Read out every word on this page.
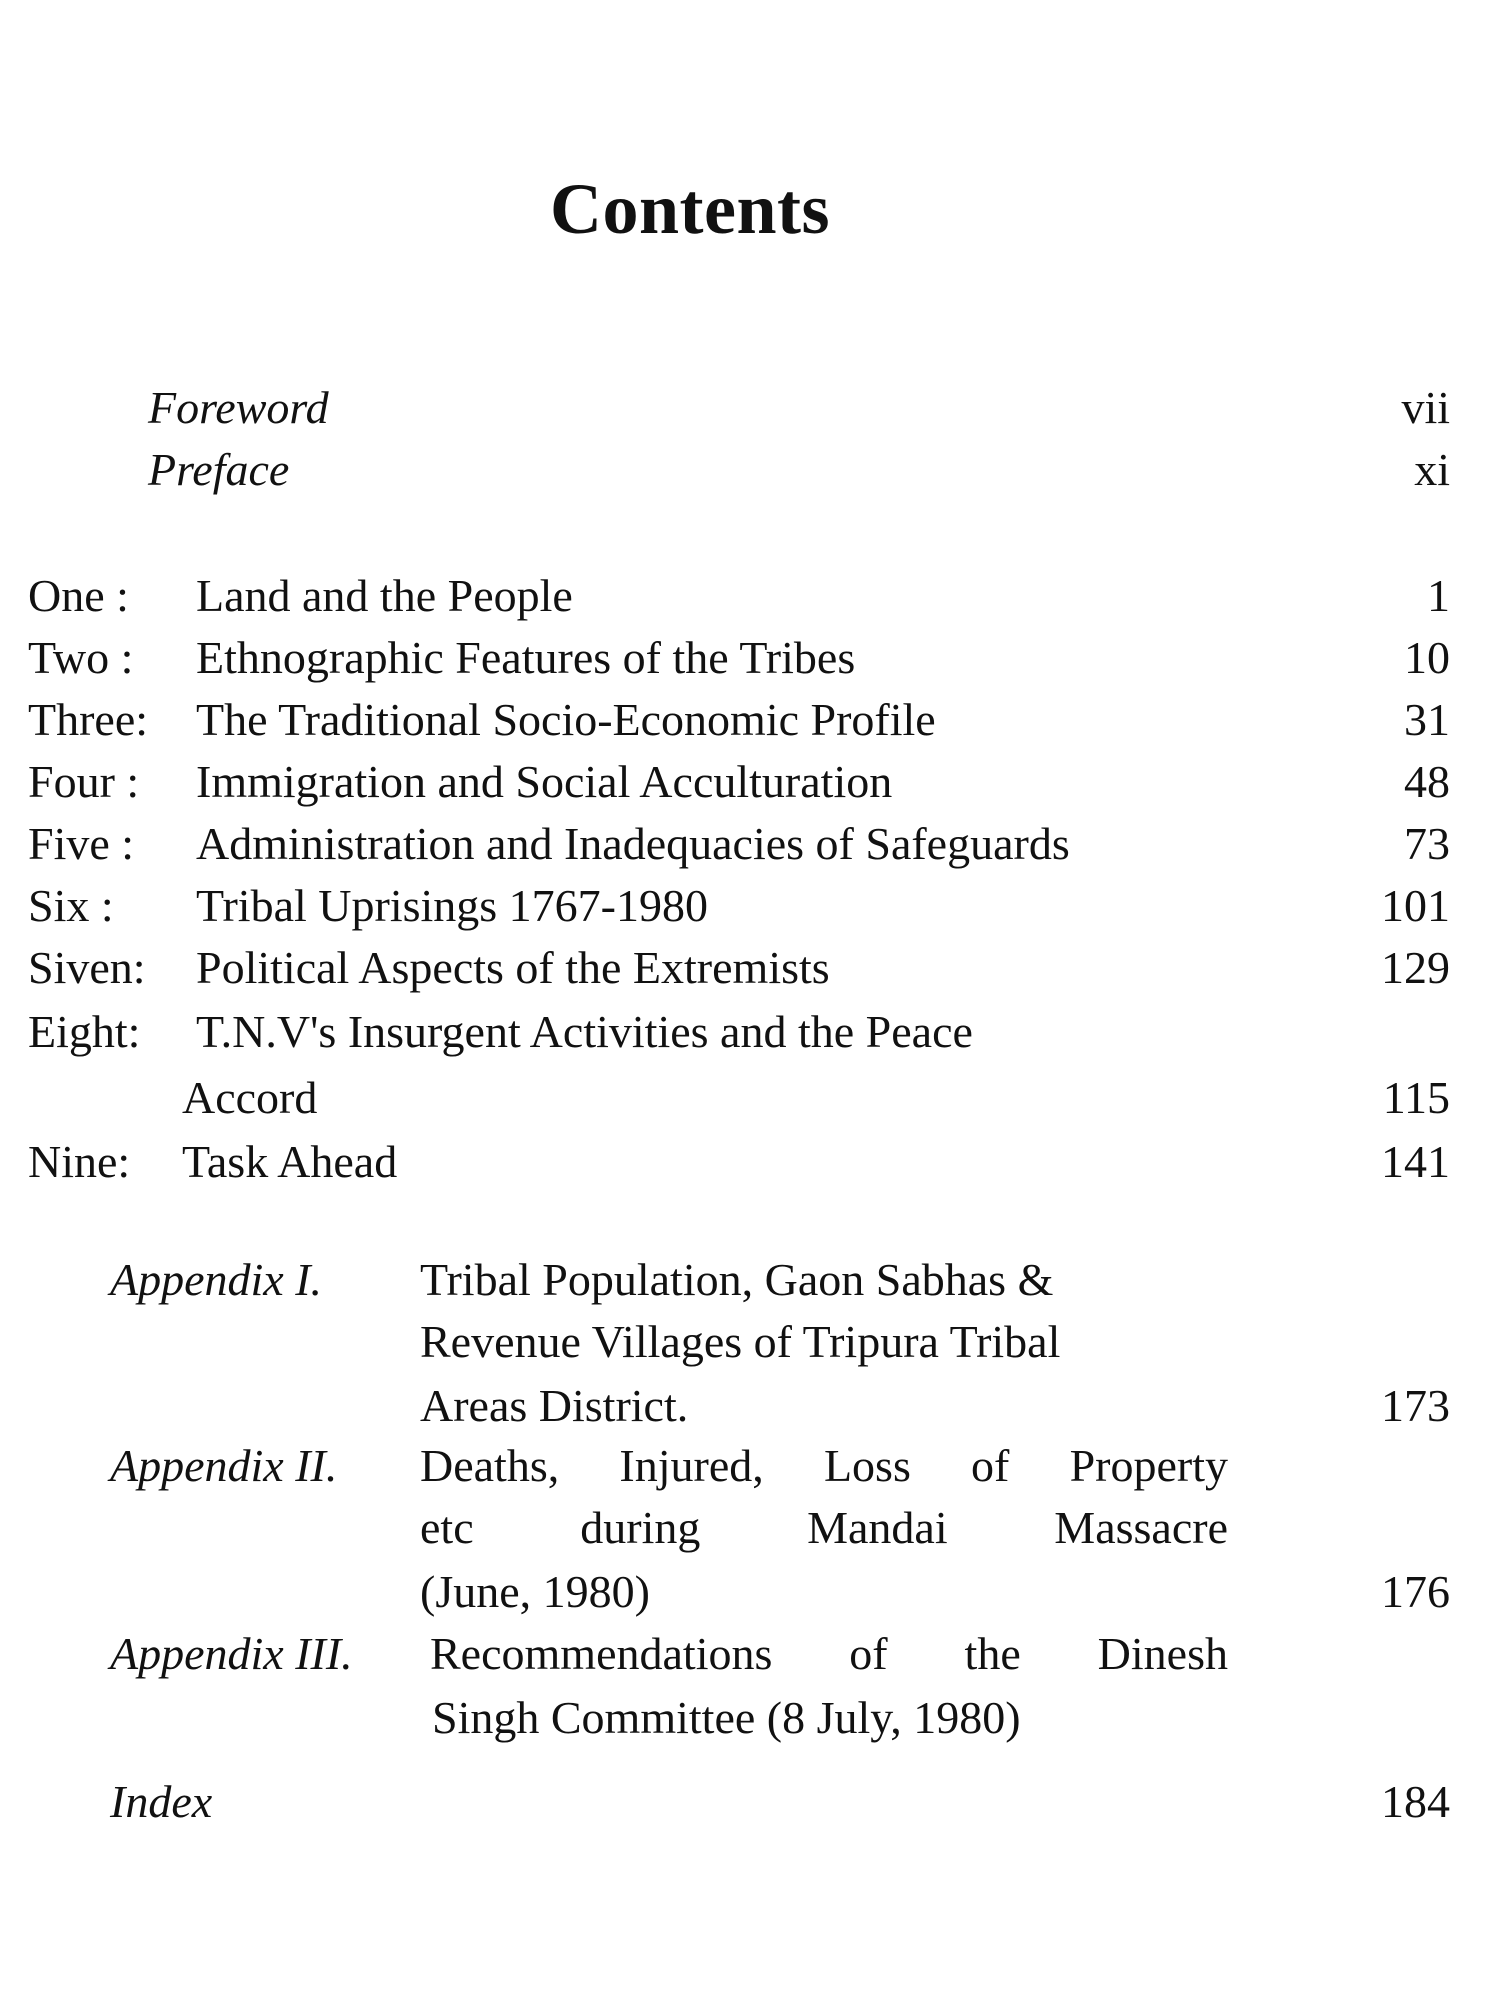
Contents
Foreword	vii
Preface	xi
One : Land and the People	1
Two : Ethnographic Features of the Tribes	10
Three: The Traditional Socio-Economic Profile	31
Four : Immigration and Social Acculturation	48
Five : Administration and Inadequacies of Safeguards	73
Six : Tribal Uprisings 1767-1980	101
Siven: Political Aspects of the Extremists	129
Eight: T.N.V's Insurgent Activities and the Peace
Accord	115
Nine: Task Ahead	141
Appendix I. Tribal Population, Gaon Sabhas &
Revenue Villages of Tripura Tribal
Areas District.	173
Appendix II. Deaths, Injured, Loss of Property
etc during Mandai Massacre
(June, 1980)	176
Appendix III. Recommendations of the Dinesh
Singh Committee (8 July, 1980)
Index	184
